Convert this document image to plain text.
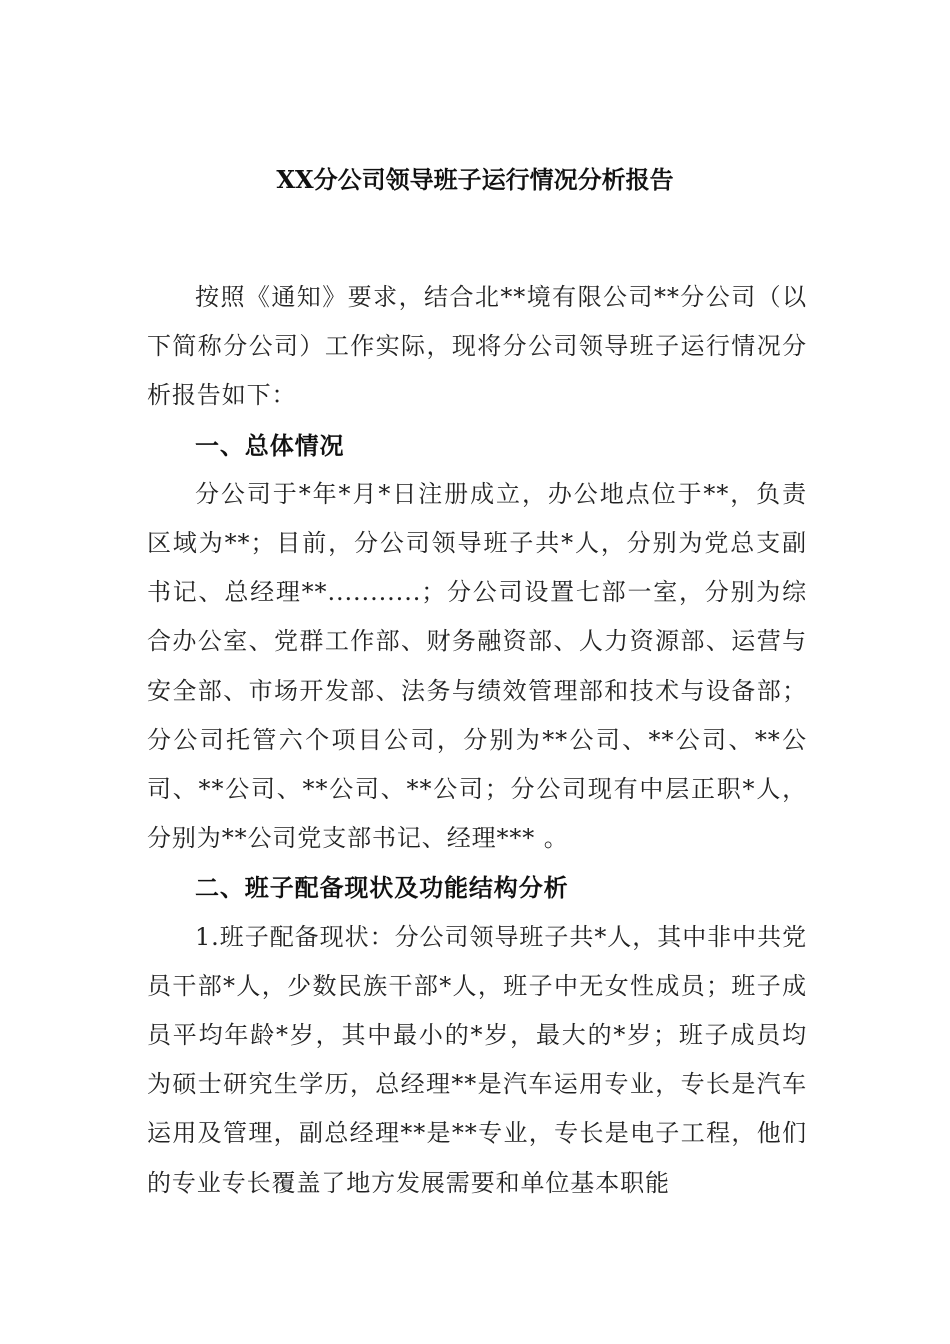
XX分公司领导班子运行情况分析报告

按照《通知》要求，结合北**境有限公司**分公司（以下简称分公司）工作实际，现将分公司领导班子运行情况分析报告如下：

一、总体情况

分公司于*年*月*日注册成立，办公地点位于**，负责区域为**；目前，分公司领导班子共*人，分别为党总支副书记、总经理**...........；分公司设置七部一室，分别为综合办公室、党群工作部、财务融资部、人力资源部、运营与安全部、市场开发部、法务与绩效管理部和技术与设备部；分公司托管六个项目公司，分别为**公司、**公司、**公司、**公司、**公司、**公司；分公司现有中层正职*人，分别为**公司党支部书记、经理*** 。

二、班子配备现状及功能结构分析

1.班子配备现状：分公司领导班子共*人，其中非中共党员干部*人，少数民族干部*人，班子中无女性成员；班子成员平均年龄*岁，其中最小的*岁，最大的*岁；班子成员均为硕士研究生学历，总经理**是汽车运用专业，专长是汽车运用及管理，副总经理**是**专业，专长是电子工程，他们的专业专长覆盖了地方发展需要和单位基本职能
